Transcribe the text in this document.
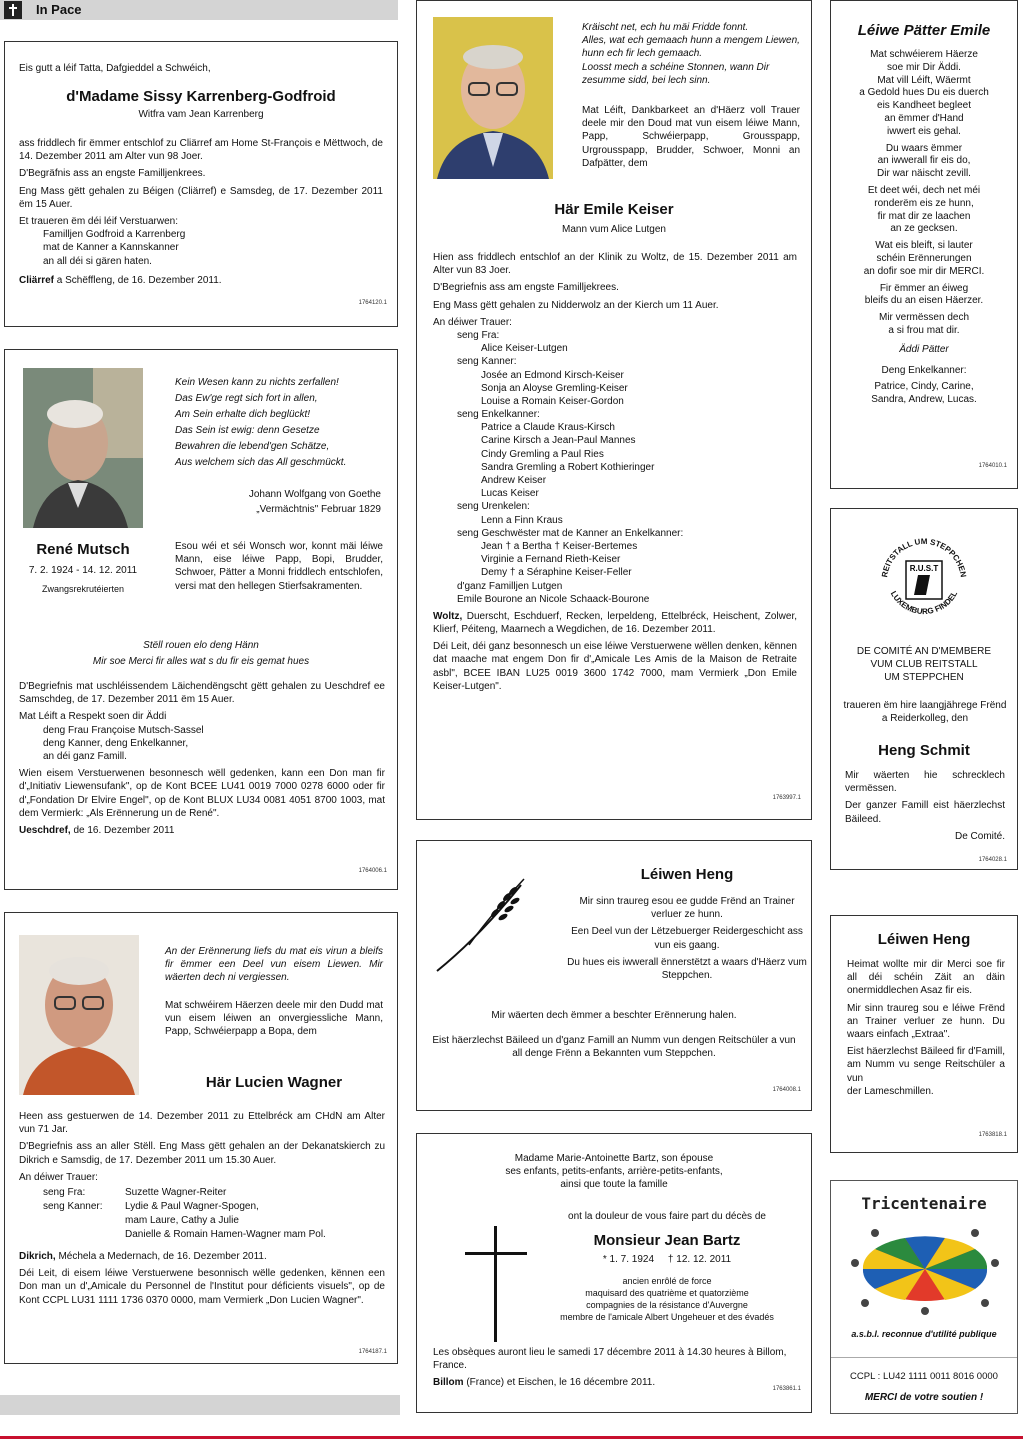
In Pace
Eis gutt a léif Tatta, Dafgieddel a Schwéich,
d'Madame Sissy Karrenberg-Godfroid
Witfra vam Jean Karrenberg

ass friddlech fir ëmmer entschlof zu Cliärref am Home St-François e Mëttwoch, de 14. Dezember 2011 am Alter vun 98 Joer.

D'Begräfnis ass an engste Familljenkrees.

Eng Mass gëtt gehalen zu Béigen (Cliärref) e Samsdeg, de 17. Dezember 2011 ëm 15 Auer.

Et traueren ëm déi léif Verstuarwen:
Familljen Godfroid a Karrenberg
mat de Kanner a Kannskanner
an all déi si gären haten.
Cliärref a Schëffleng, de 16. Dezember 2011.
1764120.1
Kein Wesen kann zu nichts zerfallen!
Das Ew'ge regt sich fort in allen,
Am Sein erhalte dich beglückt!
Das Sein ist ewig: denn Gesetze
Bewahren die lebend'gen Schätze,
Aus welchem sich das All geschmückt.
Johann Wolfgang von Goethe
„Vermächtnis" Februar 1829
René Mutsch
7. 2. 1924 - 14. 12. 2011
Zwangsrekrutéierten
Esou wéi et séi Wonsch wor, konnt mäi léiwe Mann, eise léiwe Papp, Bopi, Brudder, Schwoer, Pätter a Monni friddlech entschlofen, versi mat den hellegen Stierfsakramenten.
Stëll rouen elo deng Hänn
Mir soe Merci fir alles wat s du fir eis gemat hues

D'Begriefnis mat uschléissendem Läichendëngscht gëtt gehalen zu Ueschdref ee Samschdeg, de 17. Dezember 2011 ëm 15 Auer.

Mat Léift a Respekt soen dir Äddi
deng Frau Françoise Mutsch-Sassel
deng Kanner, deng Enkelkanner,
an déi ganz Famill.

Wien eisem Verstuerwenen besonnesch wëll gedenken, kann een Don man fir d'„Initiativ Liewensufank", op de Kont BCEE LU41 0019 7000 0278 6000 oder fir d'„Fondation Dr Elvire Engel", op de Kont BLUX LU34 0081 4051 8700 1003, mat dem Vermierk: „Als Erënnerung un de René".

Ueschdref, de 16. Dezember 2011
1764006.1
An der Erënnerung liefs du mat eis virun a bleifs fir ëmmer een Deel vun eisem Liewen. Mir wäerten dech ni vergiessen.
Mat schwéirem Häerzen deele mir den Dudd mat vun eisem léiwen an onvergiessliche Mann, Papp, Schwéierpapp a Bopa, dem
Här Lucien Wagner

Heen ass gestuerwen de 14. Dezember 2011 zu Ettelbréck am CHdN am Alter vun 71 Jar.

D'Begriefnis ass an aller Stëll. Eng Mass gëtt gehalen an der Dekanatskierch zu Dikrich e Samsdig, de 17. Dezember 2011 um 15.30 Auer.

An déiwer Trauer:
seng Fra:	Suzette Wagner-Reiter
seng Kanner: Lydie & Paul Wagner-Spogen,
mam Laure, Cathy a Julie
Danielle & Romain Hamen-Wagner mam Pol.

Dikrich, Méchela a Medernach, de 16. Dezember 2011.

Déi Leit, di eisem léiwe Verstuerwene besonnisch wëlle gedenken, kënnen een Don man un d'„Amicale du Personnel de l'Institut pour déficients visuels", op de Kont CCPL LU31 1111 1736 0370 0000, mam Vermierk „Don Lucien Wagner".
1764187.1
Kräischt net, ech hu mäi Fridde fonnt.
Alles, wat ech gemaach hunn a mengem Liewen, hunn ech fir lech gemaach.
Loosst mech a schéine Stonnen, wann Dir zesumme sidd, bei lech sinn.
Mat Léift, Dankbarkeet an d'Häerz voll Trauer deele mir den Doud mat vun eisem léiwe Mann, Papp, Schwéierpapp, Grousspapp, Urgrousspapp, Brudder, Schwoer, Monni an Dafpätter, dem
Här Emile Keiser
Mann vum Alice Lutgen

Hien ass friddlech entschlof an der Klinik zu Woltz, de 15. Dezember 2011 am Alter vun 83 Joer.

D'Begriefnis ass am engste Familljekrees.

Eng Mass gëtt gehalen zu Nidderwolz an der Kierch um 11 Auer.

An déiwer Trauer:
seng Fra:
Alice Keiser-Lutgen
seng Kanner:
Josée an Edmond Kirsch-Keiser
Sonja an Aloyse Gremling-Keiser
Louise a Romain Keiser-Gordon
seng Enkelkanner:
Patrice a Claude Kraus-Kirsch
Carine Kirsch a Jean-Paul Mannes
Cindy Gremling a Paul Ries
Sandra Gremling a Robert Kothieringer
Andrew Keiser
Lucas Keiser
seng Urenkelen:
Lenn a Finn Kraus
seng Geschwëster mat de Kanner an Enkelkanner:
Jean † a Bertha † Keiser-Bertemes
Virginie a Fernand Rieth-Keiser
Demy † a Séraphine Keiser-Feller
d'ganz Familljen Lutgen
Emile Bourone an Nicole Schaack-Bourone

Woltz, Duerscht, Eschduerf, Recken, lerpeldeng, Ettelbréck, Heischent, Zolwer, Klierf, Péiteng, Maarnech a Wegdichen, de 16. Dezember 2011.

Déi Leit, déi ganz besonnesch un eise léiwe Verstuerwene wëllen denken, kënnen dat maache mat engem Don fir d'„Amicale Les Amis de la Maison de Retraite asbl", BCEE IBAN LU25 0019 3600 1742 7000, mam Vermierk „Don Emile Keiser-Lutgen".
1763997.1
Léiwen Heng

Mir sinn traureg esou ee gudde Frënd an Trainer verluer ze hunn.

Een Deel vun der Lëtzebuerger Reidergeschicht ass vun eis gaang.

Du hues eis iwwerall ënnerstëtzt a waars d'Häerz vum Steppchen.

Mir wäerten dech ëmmer a beschter Erënnerung halen.

Eist häerzlechst Bäileed un d'ganz Famill an Numm vun dengen Reitschüler a vun all denge Frënn a Bekannten vum Steppchen.

1764008.1
Madame Marie-Antoinette Bartz, son épouse
ses enfants, petits-enfants, arrière-petits-enfants,
ainsi que toute la famille
ont la douleur de vous faire part du décès de
Monsieur Jean Bartz
* 1. 7. 1924     † 12. 12. 2011
ancien enrôlé de force
maquisard des quatrième et quatorzième
compagnies de la résistance d'Auvergne
membre de l'amicale Albert Ungeheuer et des évadés

Les obsèques auront lieu le samedi 17 décembre 2011 à 14.30 heures à Billom, France.

Billom (France) et Eischen, le 16 décembre 2011.
1763861.1
Léiwe Pätter Emile
Mat schwéierem Häerze
soe mir Dir Äddi.
Mat vill Léift, Wäermt
a Gedold hues Du eis duerch
eis Kandheet begleet
an ëmmer d'Hand
iwwert eis gehal.
Du waars ëmmer
an iwwerall fir eis do,
Dir war näischt zevill.
Et deet wéi, dech net méi
ronderëm eis ze hunn,
fir mat dir ze laachen
an ze gecksen.
Wat eis bleift, si lauter
schéin Erënnerungen
an dofir soe mir dir MERCI.
Fir ëmmer an éiweg
bleifs du an eisen Häerzer.
Mir vermëssen dech
a si frou mat dir.
Äddi Pätter
Deng Enkelkanner:
Patrice, Cindy, Carine,
Sandra, Andrew, Lucas.
1764010.1
REITSTALL UM STEPPCHEN
LUXEMBURG FINDEL
R.U.S.T
DE COMITÉ AN D'MEMBERE
VUM CLUB REITSTALL
UM STEPPCHEN
traueren ëm hire laangjährege Frënd a Reiderkolleg, den
Heng Schmit

Mir wäerten hie schrecklech vermëssen.

Der ganzer Famill eist häerzlechst Bäileed.

De Comité.
1764028.1
Léiwen Heng

Heimat wollte mir dir Merci soe fir all déi schéin Zäit an däin onermiddlechen Asaz fir eis.

Mir sinn traureg sou e léiwe Frënd an Trainer verluer ze hunn. Du waars einfach „Extraa".

Eist häerzlechst Bäileed fir d'Famill, am Numm vu senge Reitschüler a vun
der Lameschmillen.
1763818.1
Tricentenaire
a.s.b.l. reconnue d'utilité publique
CCPL : LU42 1111 0011 8016 0000
MERCI de votre soutien !
